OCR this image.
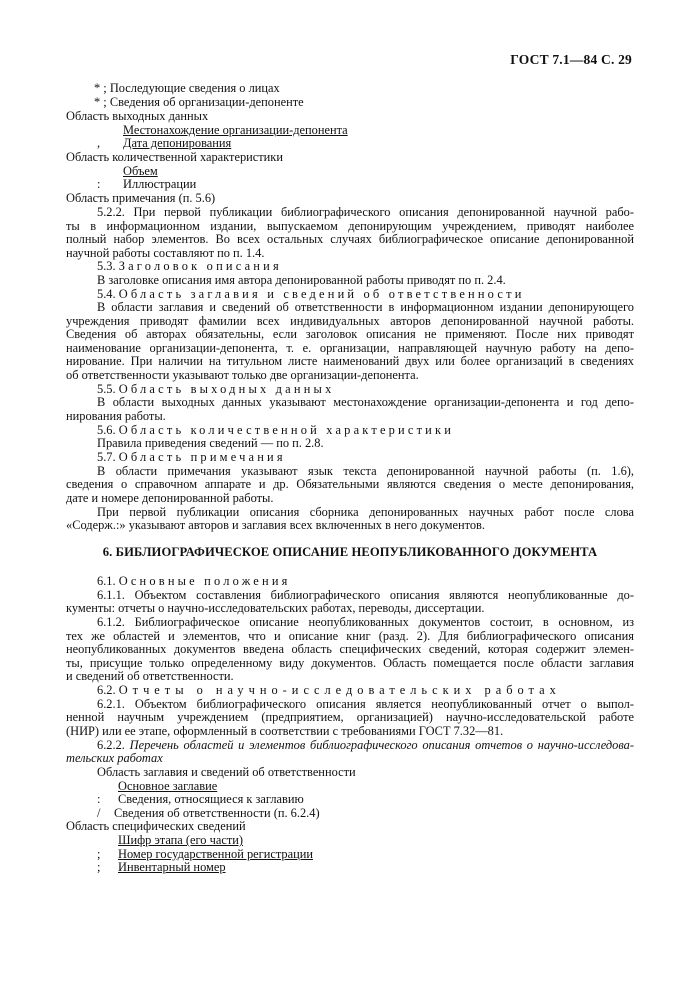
ГОСТ 7.1—84 С. 29
* ; Последующие сведения о лицах
* ; Сведения об организации-депоненте
Область выходных данных
Местонахождение организации-депонента
, Дата депонирования
Область количественной характеристики
Объем
: Иллюстрации
Область примечания (п. 5.6)
5.2.2. При первой публикации библиографического описания депонированной научной рабо-
ты в информационном издании, выпускаемом депонирующим учреждением, приводят наиболее
полный набор элементов. Во всех остальных случаях библиографическое описание депонированной
научной работы составляют по п. 1.4.
5.3. Заголовок описания
В заголовке описания имя автора депонированной работы приводят по п. 2.4.
5.4. Область заглавия и сведений об ответственности
В области заглавия и сведений об ответственности в информационном издании депонирующего
учреждения приводят фамилии всех индивидуальных авторов депонированной научной работы.
Сведения об авторах обязательны, если заголовок описания не применяют. После них приводят
наименование организации-депонента, т. е. организации, направляющей научную работу на депо-
нирование. При наличии на титульном листе наименований двух или более организаций в сведениях
об ответственности указывают только две организации-депонента.
5.5. Область выходных данных
В области выходных данных указывают местонахождение организации-депонента и год депо-
нирования работы.
5.6. Область количественной характеристики
Правила приведения сведений — по п. 2.8.
5.7. Область примечания
В области примечания указывают язык текста депонированной научной работы (п. 1.6),
сведения о справочном аппарате и др. Обязательными являются сведения о месте депонирования,
дате и номере депонированной работы.
При первой публикации описания сборника депонированных научных работ после слова
«Содерж.:» указывают авторов и заглавия всех включенных в него документов.
6. БИБЛИОГРАФИЧЕСКОЕ ОПИСАНИЕ НЕОПУБЛИКОВАННОГО ДОКУМЕНТА
6.1. Основные положения
6.1.1. Объектом составления библиографического описания являются неопубликованные до-
кументы: отчеты о научно-исследовательских работах, переводы, диссертации.
6.1.2. Библиографическое описание неопубликованных документов состоит, в основном, из
тех же областей и элементов, что и описание книг (разд. 2). Для библиографического описания
неопубликованных документов введена область специфических сведений, которая содержит элемен-
ты, присущие только определенному виду документов. Область помещается после области заглавия
и сведений об ответственности.
6.2. Отчеты о научно-исследовательских работах
6.2.1. Объектом библиографического описания является неопубликованный отчет о выпол-
ненной научным учреждением (предприятием, организацией) научно-исследовательской работе
(НИР) или ее этапе, оформленный в соответствии с требованиями ГОСТ 7.32—81.
6.2.2. Перечень областей и элементов библиографического описания отчетов о научно-исследова-
тельских работах
Область заглавия и сведений об ответственности
Основное заглавие
: Сведения, относящиеся к заглавию
/ Сведения об ответственности (п. 6.2.4)
Область специфических сведений
Шифр этапа (его части)
; Номер государственной регистрации
; Инвентарный номер
